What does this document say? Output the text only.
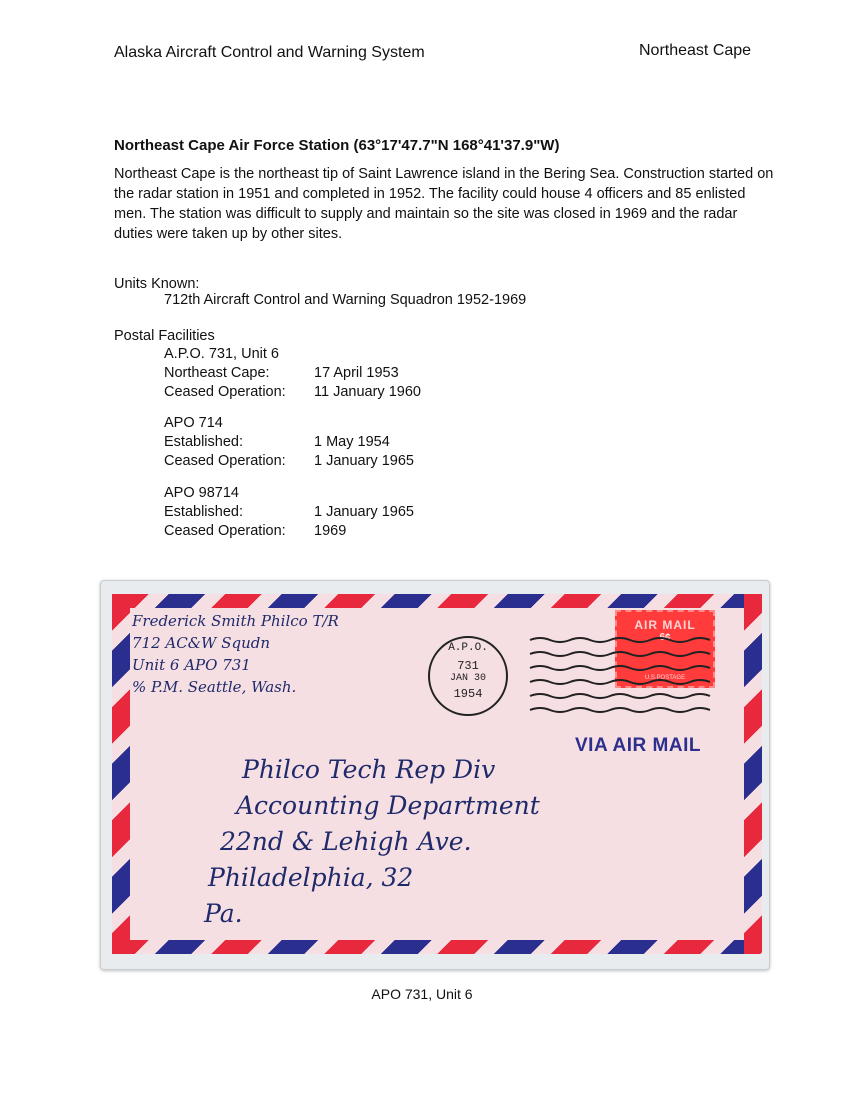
Alaska Aircraft Control and Warning System	Northeast Cape
Northeast Cape Air Force Station (63°17'47.7"N 168°41'37.9"W)

Northeast Cape is the northeast tip of Saint Lawrence island in the Bering Sea. Construction started on the radar station in 1951 and completed in 1952. The facility could house 4 officers and 85 enlisted men. The station was difficult to supply and maintain so the site was closed in 1969 and the radar duties were taken up by other sites.

Units Known:
712th Aircraft Control and Warning Squadron 1952-1969
Postal Facilities
A.P.O. 731, Unit 6
Northeast Cape:	17 April 1953
Ceased Operation:	11 January 1960
APO 714
Established:	1 May 1954
Ceased Operation:	1 January 1965
APO 98714
Established:	1 January 1965
Ceased Operation:	1969
AIR MAIL
6¢
U.S.POSTAGE
A.P.O.
731
JAN 30
1954
VIA AIR MAIL
Frederick Smith Philco T/R
712 AC&W Squdn
Unit 6 APO 731
% P.M. Seattle, Wash.
Philco Tech Rep Div
Accounting Department
22nd & Lehigh Ave.
Philadelphia, 32
Pa.
APO 731, Unit 6
